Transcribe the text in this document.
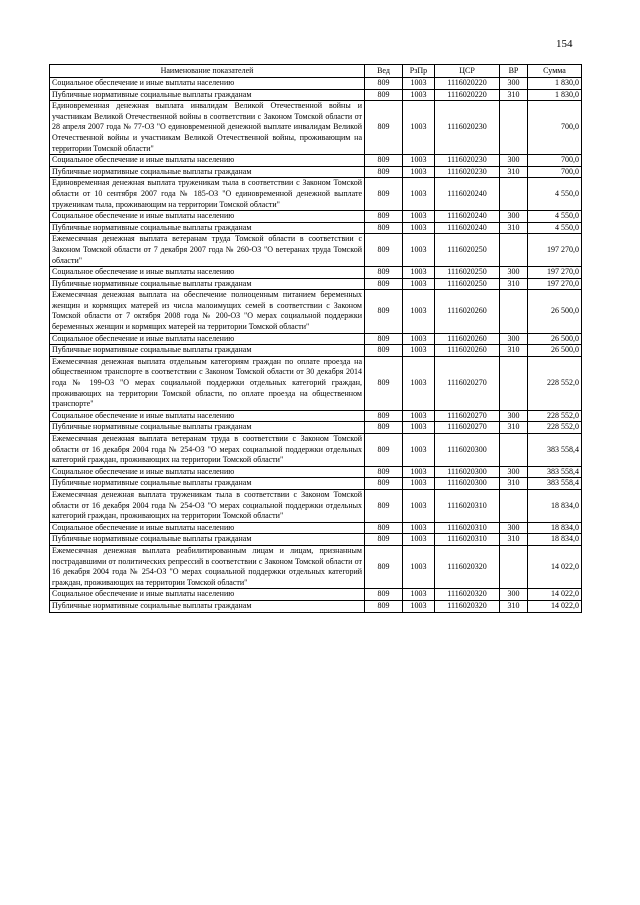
154
Наименование показателей	Вед	РзПр	ЦСР	ВР	Сумма
Социальное обеспечение и иные выплаты населению	809	1003	1116020220	300	1 830,0
Публичные нормативные социальные выплаты гражданам	809	1003	1116020220	310	1 830,0
Единовременная денежная выплата инвалидам Великой Отечественной войны и участникам Великой Отечественной войны в соответствии с Законом Томской области от 28 апреля 2007 года № 77-ОЗ "О единовременной денежной выплате инвалидам Великой Отечественной войны и участникам Великой Отечественной войны, проживающим на территории Томской области"	809	1003	1116020230		700,0
Социальное обеспечение и иные выплаты населению	809	1003	1116020230	300	700,0
Публичные нормативные социальные выплаты гражданам	809	1003	1116020230	310	700,0
Единовременная денежная выплата труженикам тыла в соответствии с Законом Томской области от 10 сентября 2007 года № 185-ОЗ "О единовременной денежной выплате труженикам тыла, проживающим на территории Томской области"	809	1003	1116020240		4 550,0
Социальное обеспечение и иные выплаты населению	809	1003	1116020240	300	4 550,0
Публичные нормативные социальные выплаты гражданам	809	1003	1116020240	310	4 550,0
Ежемесячная денежная выплата ветеранам труда Томской области в соответствии с Законом Томской области от 7 декабря 2007 года № 260-ОЗ "О ветеранах труда Томской области"	809	1003	1116020250		197 270,0
Социальное обеспечение и иные выплаты населению	809	1003	1116020250	300	197 270,0
Публичные нормативные социальные выплаты гражданам	809	1003	1116020250	310	197 270,0
Ежемесячная денежная выплата на обеспечение полноценным питанием беременных женщин и кормящих матерей из числа малоимущих семей в соответствии с Законом Томской области от 7 октября 2008 года № 200-ОЗ "О мерах социальной поддержки беременных женщин и кормящих матерей на территории Томской области"	809	1003	1116020260		26 500,0
Социальное обеспечение и иные выплаты населению	809	1003	1116020260	300	26 500,0
Публичные нормативные социальные выплаты гражданам	809	1003	1116020260	310	26 500,0
Ежемесячная денежная выплата отдельным категориям граждан по оплате проезда на общественном транспорте в соответствии с Законом Томской области от 30 декабря 2014 года № 199-ОЗ "О мерах социальной поддержки отдельных категорий граждан, проживающих на территории Томской области, по оплате проезда на общественном транспорте"	809	1003	1116020270		228 552,0
Социальное обеспечение и иные выплаты населению	809	1003	1116020270	300	228 552,0
Публичные нормативные социальные выплаты гражданам	809	1003	1116020270	310	228 552,0
Ежемесячная денежная выплата ветеранам труда в соответствии с Законом Томской области от 16 декабря 2004 года № 254-ОЗ "О мерах социальной поддержки отдельных категорий граждан, проживающих на территории Томской области"	809	1003	1116020300		383 558,4
Социальное обеспечение и иные выплаты населению	809	1003	1116020300	300	383 558,4
Публичные нормативные социальные выплаты гражданам	809	1003	1116020300	310	383 558,4
Ежемесячная денежная выплата труженикам тыла в соответствии с Законом Томской области от 16 декабря 2004 года № 254-ОЗ "О мерах социальной поддержки отдельных категорий граждан, проживающих на территории Томской области"	809	1003	1116020310		18 834,0
Социальное обеспечение и иные выплаты населению	809	1003	1116020310	300	18 834,0
Публичные нормативные социальные выплаты гражданам	809	1003	1116020310	310	18 834,0
Ежемесячная денежная выплата реабилитированным лицам и лицам, признанным пострадавшими от политических репрессий в соответствии с Законом Томской области от 16 декабря 2004 года № 254-ОЗ "О мерах социальной поддержки отдельных категорий граждан, проживающих на территории Томской области"	809	1003	1116020320		14 022,0
Социальное обеспечение и иные выплаты населению	809	1003	1116020320	300	14 022,0
Публичные нормативные социальные выплаты гражданам	809	1003	1116020320	310	14 022,0
